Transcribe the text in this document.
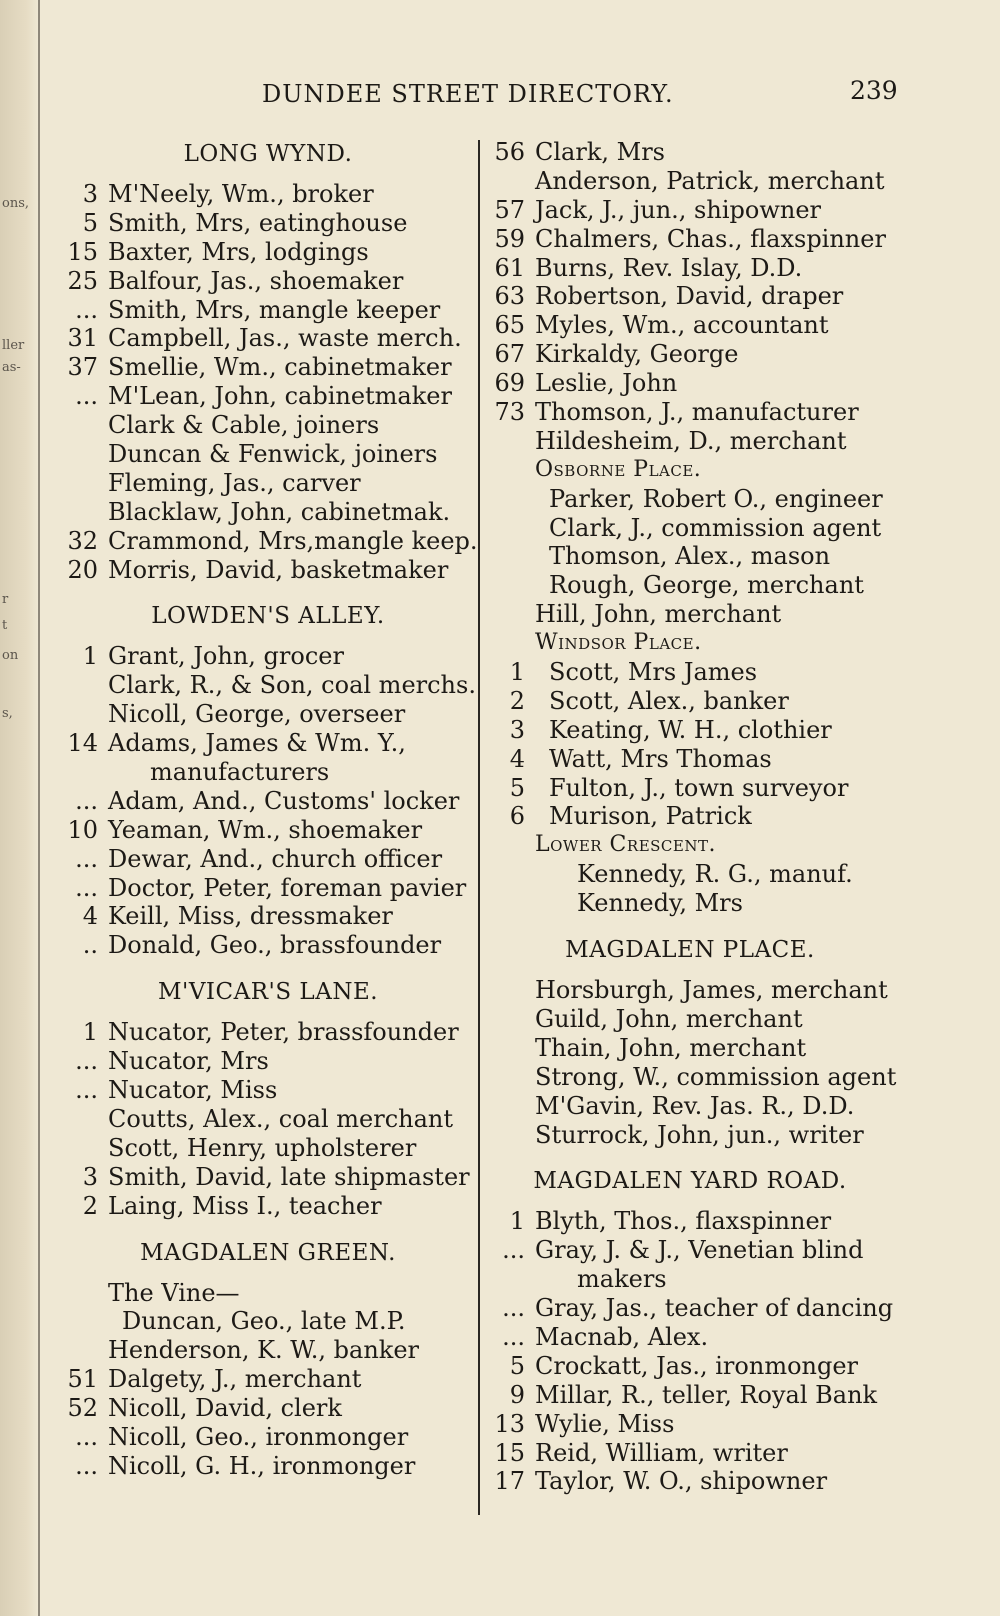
ons,
ller
as-
r
t
on
s,
DUNDEE STREET DIRECTORY.	239
LONG WYND.
3 M'Neely, Wm., broker
5 Smith, Mrs, eatinghouse
15 Baxter, Mrs, lodgings
25 Balfour, Jas., shoemaker
... Smith, Mrs, mangle keeper
31 Campbell, Jas., waste merch.
37 Smellie, Wm., cabinetmaker
... M'Lean, John, cabinetmaker
Clark & Cable, joiners
Duncan & Fenwick, joiners
Fleming, Jas., carver
Blacklaw, John, cabinetmak.
32 Crammond, Mrs,mangle keep.
20 Morris, David, basketmaker
LOWDEN'S ALLEY.
1 Grant, John, grocer
Clark, R., & Son, coal merchs.
Nicoll, George, overseer
14 Adams, James & Wm. Y.,
manufacturers
... Adam, And., Customs' locker
10 Yeaman, Wm., shoemaker
... Dewar, And., church officer
... Doctor, Peter, foreman pavier
4 Keill, Miss, dressmaker
.. Donald, Geo., brassfounder
M'VICAR'S LANE.
1 Nucator, Peter, brassfounder
... Nucator, Mrs
... Nucator, Miss
Coutts, Alex., coal merchant
Scott, Henry, upholsterer
3 Smith, David, late shipmaster
2 Laing, Miss I., teacher
MAGDALEN GREEN.
The Vine—
Duncan, Geo., late M.P.
Henderson, K. W., banker
51 Dalgety, J., merchant
52 Nicoll, David, clerk
... Nicoll, Geo., ironmonger
... Nicoll, G. H., ironmonger
56 Clark, Mrs
Anderson, Patrick, merchant
57 Jack, J., jun., shipowner
59 Chalmers, Chas., flaxspinner
61 Burns, Rev. Islay, D.D.
63 Robertson, David, draper
65 Myles, Wm., accountant
67 Kirkaldy, George
69 Leslie, John
73 Thomson, J., manufacturer
Hildesheim, D., merchant
Osborne Place.
Parker, Robert O., engineer
Clark, J., commission agent
Thomson, Alex., mason
Rough, George, merchant
Hill, John, merchant
Windsor Place.
1	Scott, Mrs James
2	Scott, Alex., banker
3	Keating, W. H., clothier
4	Watt, Mrs Thomas
5	Fulton, J., town surveyor
6	Murison, Patrick
Lower Crescent.
Kennedy, R. G., manuf.
Kennedy, Mrs
MAGDALEN PLACE.
Horsburgh, James, merchant
Guild, John, merchant
Thain, John, merchant
Strong, W., commission agent
M'Gavin, Rev. Jas. R., D.D.
Sturrock, John, jun., writer
MAGDALEN YARD ROAD.
1 Blyth, Thos., flaxspinner
... Gray, J. & J., Venetian blind
makers
... Gray, Jas., teacher of dancing
... Macnab, Alex.
5 Crockatt, Jas., ironmonger
9 Millar, R., teller, Royal Bank
13 Wylie, Miss
15 Reid, William, writer
17 Taylor, W. O., shipowner
